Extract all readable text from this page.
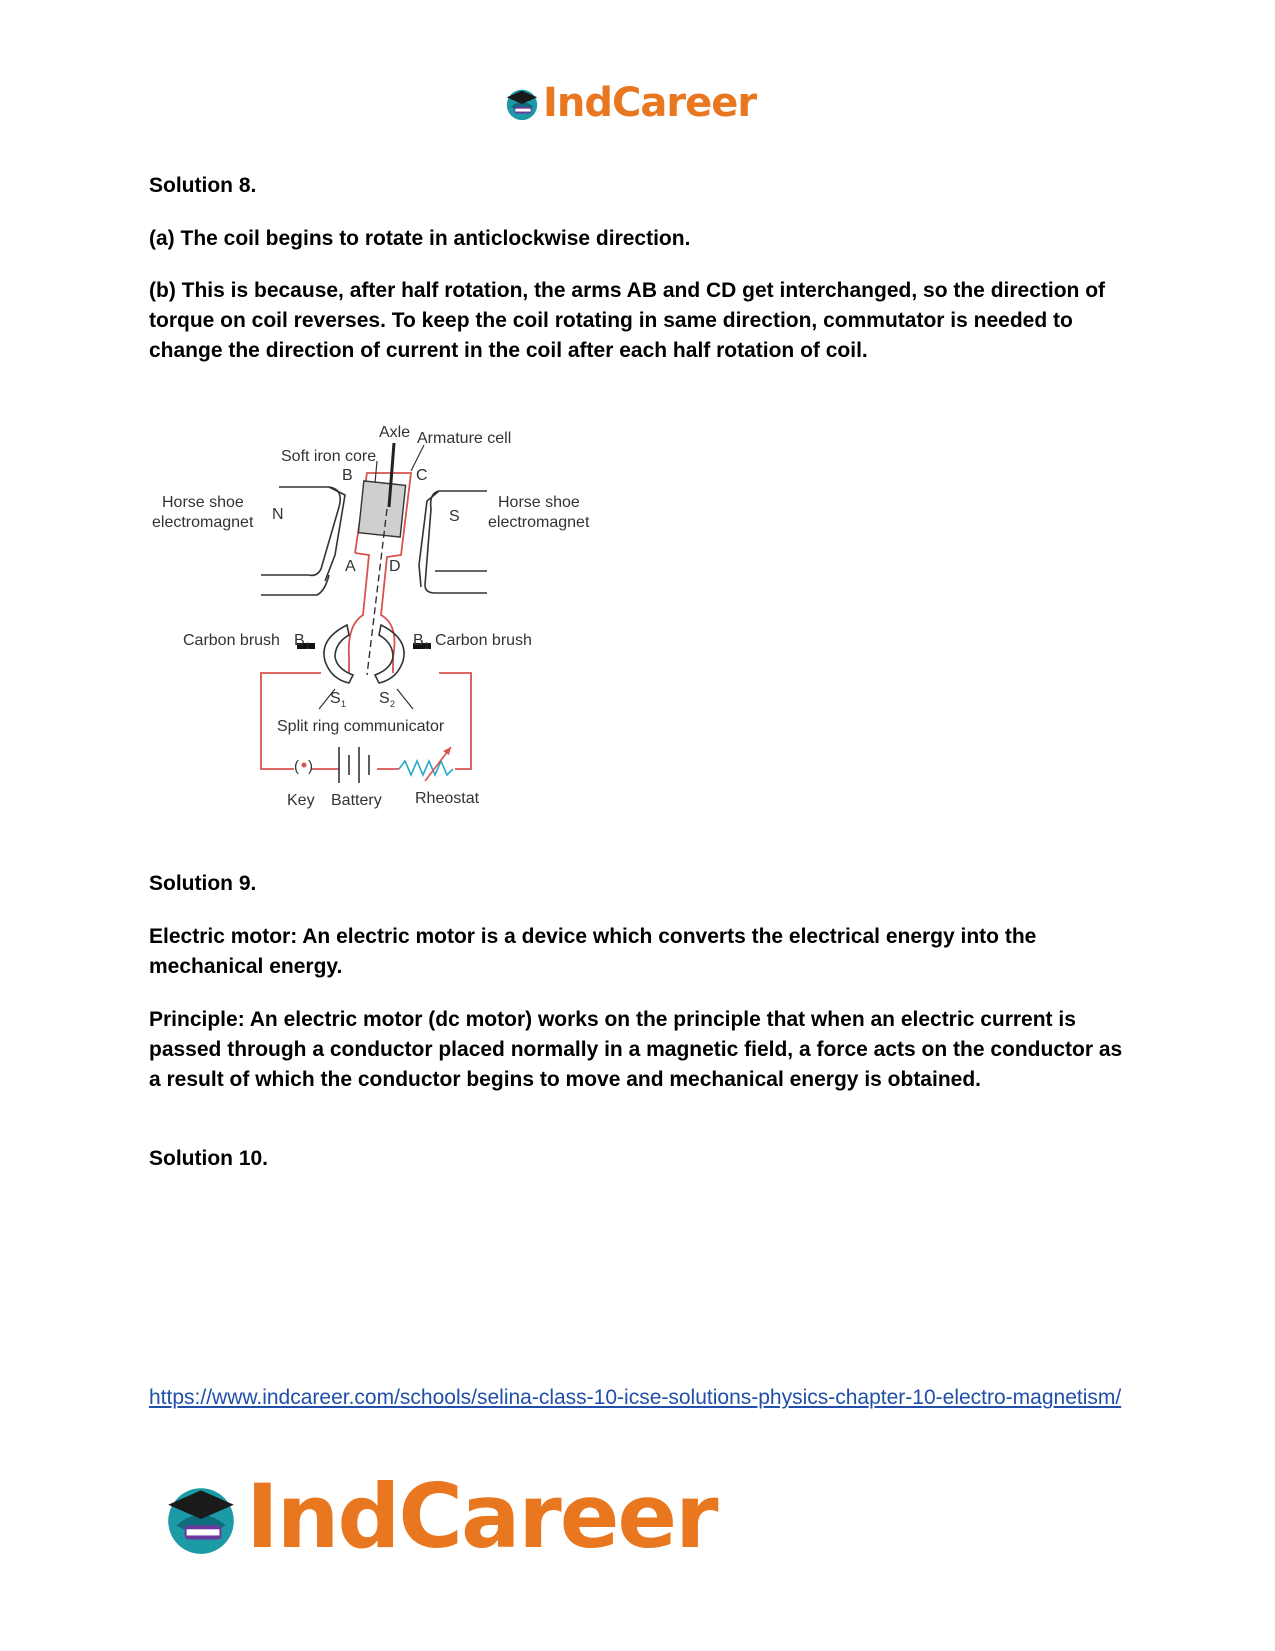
IndCareer

Solution 8.

(a) The coil begins to rotate in anticlockwise direction.

(b) This is because, after half rotation, the arms AB and CD get interchanged, so the direction of torque on coil reverses. To keep the coil rotating in same direction, commutator is needed to change the direction of current in the coil after each half rotation of coil.

( )
Axle Armature cell
Soft iron core
B	C
A D
N	S
Horse shoe
electromagnet
Horse shoe
electromagnet
Carbon brush B 1	B 2 Carbon brush
S 1 S 2
Split ring communicator
Key Battery Rheostat

Solution 9.

Electric motor: An electric motor is a device which converts the electrical energy into the mechanical energy.

Principle: An electric motor (dc motor) works on the principle that when an electric current is passed through a conductor placed normally in a magnetic field, a force acts on the conductor as a result of which the conductor begins to move and mechanical energy is obtained.

Solution 10.

https://www.indcareer.com/schools/selina-class-10-icse-solutions-physics-chapter-10-electro-magnetism/
IndCareer
